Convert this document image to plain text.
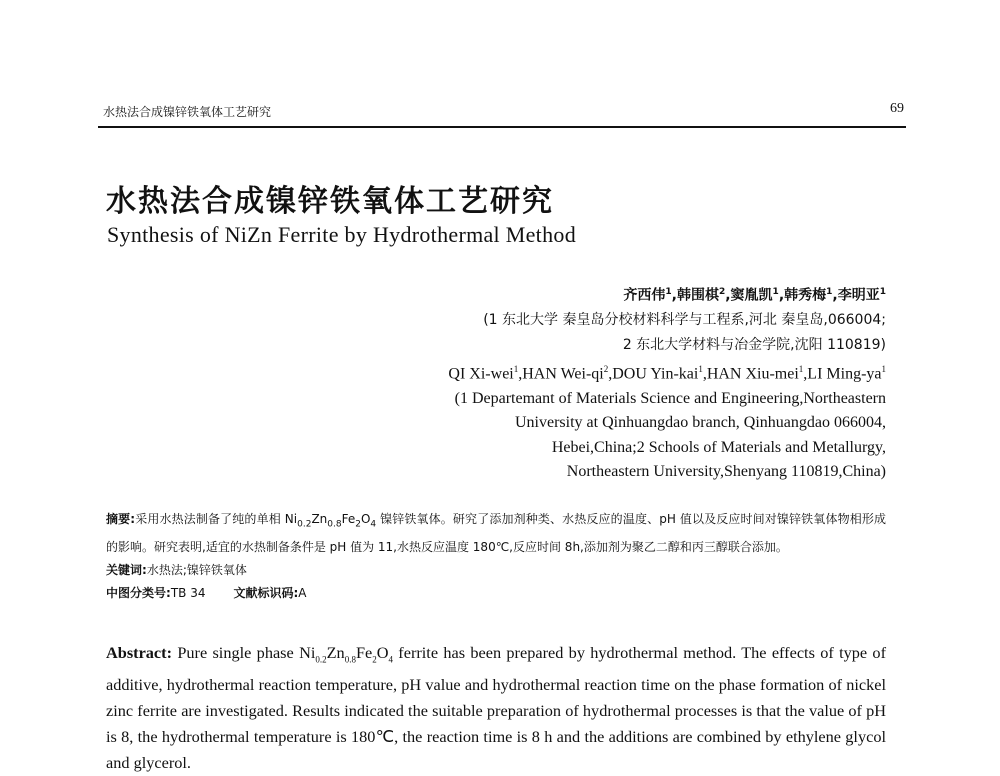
水热法合成镍锌铁氧体工艺研究	69
水热法合成镍锌铁氧体工艺研究
Synthesis of NiZn Ferrite by Hydrothermal Method
齐西伟$^1$,韩围棋$^2$,窦胤凯$^1$,韩秀梅$^1$,李明亚$^1$
(1 东北大学 秦皇岛分校材料科学与工程系,河北 秦皇岛,066004;
2 东北大学材料与冶金学院,沈阳 110819)
QI Xi-wei$^1$,HAN Wei-$qi^2,DOU$ Yin-kai$^1$,HAN Xiu-mei$^1$,LI Ming-$ya^1$
(1 Departemant of Materials Science and Engineering,Northeastern
University at Qinhuangdao branch, Qinhuangdao 066004,
Hebei,China;2 Schools of Materials and Metallurgy,
Northeastern University,Shenyang 110819,China)
摘要:采用水热法制备了纯的单相 $Ni_{0.2}Zn_{0.8}Fe_2O_4$ 镍锌铁氧体。研究了添加剂种类、水热反应的温度、pH 值以及反应时间对镍锌铁氧体物相形成的影响。研究表明,适宜的水热制备条件是 pH 值为 11,水热反应温度 180℃,反应时间 8h,添加剂为聚乙二醇和丙三醇联合添加。
关键词:水热法;镍锌铁氧体
中图分类号:TB 34 文献标识码:A
Abstract: Pure single phase $Ni_{0.2}Zn_{0.8}Fe_2O_4$ ferrite has been prepared by hydrothermal method. The effects of type of additive, hydrothermal reaction temperature, pH value and hydrothermal reaction time on the phase formation of nickel zinc ferrite are investigated. Results indicated the suitable preparation of hydrothermal processes is that the value of pH is 8, the hydrothermal temperature is 180℃, the reaction time is 8 h and the additions are combined by ethylene glycol and glycerol.
